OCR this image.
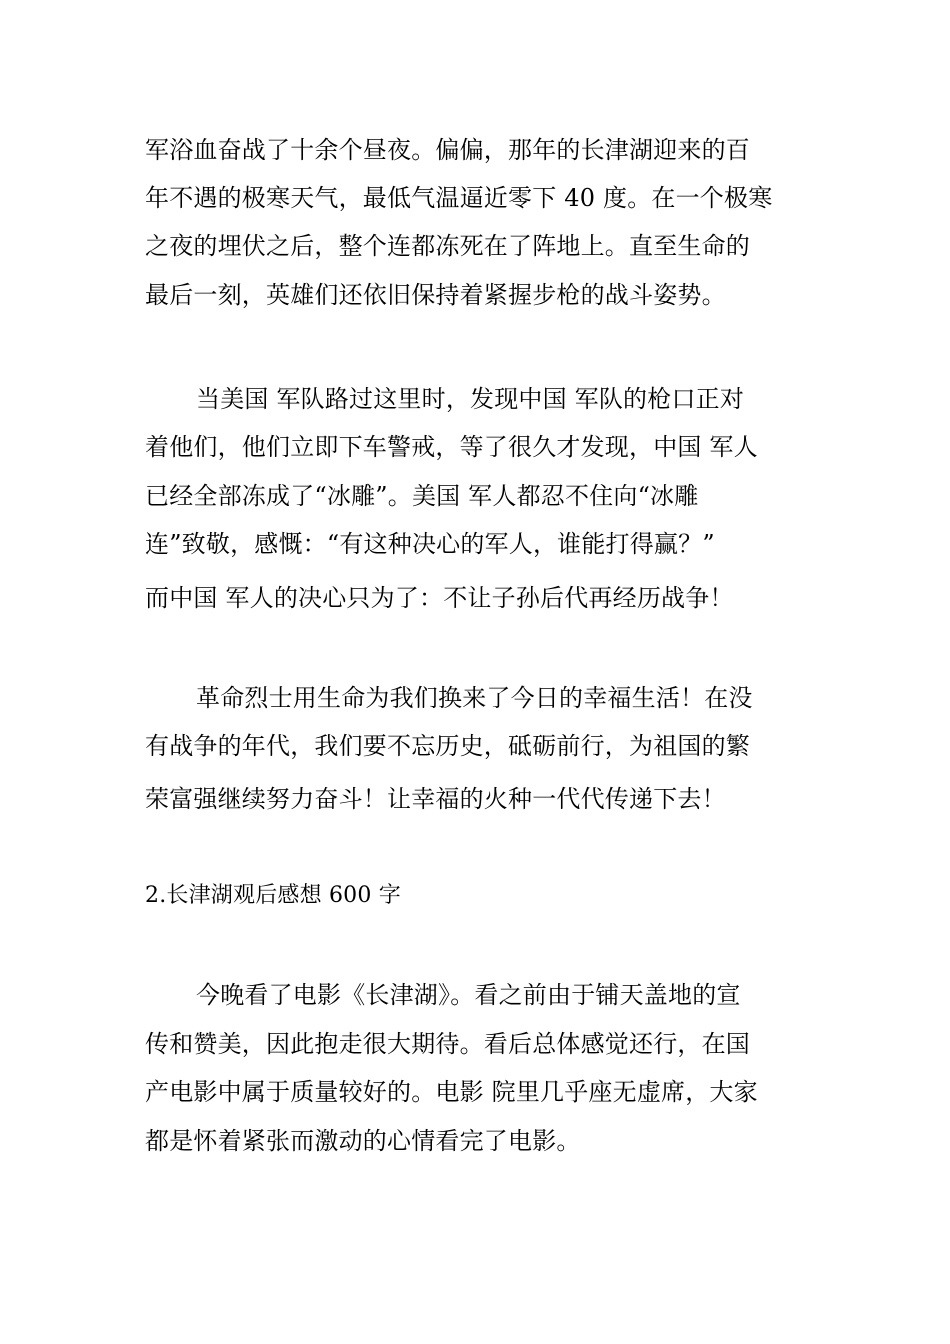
军浴血奋战了十余个昼夜。偏偏，那年的长津湖迎来的百
年不遇的极寒天气，最低气温逼近零下 40 度。在一个极寒
之夜的埋伏之后，整个连都冻死在了阵地上。直至生命的
最后一刻，英雄们还依旧保持着紧握步枪的战斗姿势。
当美国 军队路过这里时，发现中国 军队的枪口正对
着他们，他们立即下车警戒，等了很久才发现，中国 军人
已经全部冻成了“冰雕”。美国 军人都忍不住向“冰雕
连”致敬，感慨：“有这种决心的军人，谁能打得赢？”
而中国 军人的决心只为了：不让子孙后代再经历战争！
革命烈士用生命为我们换来了今日的幸福生活！在没
有战争的年代，我们要不忘历史，砥砺前行，为祖国的繁
荣富强继续努力奋斗！让幸福的火种一代代传递下去！
2.长津湖观后感想 600 字
今晚看了电影《长津湖》。看之前由于铺天盖地的宣
传和赞美，因此抱走很大期待。看后总体感觉还行，在国
产电影中属于质量较好的。电影 院里几乎座无虚席，大家
都是怀着紧张而激动的心情看完了电影。
